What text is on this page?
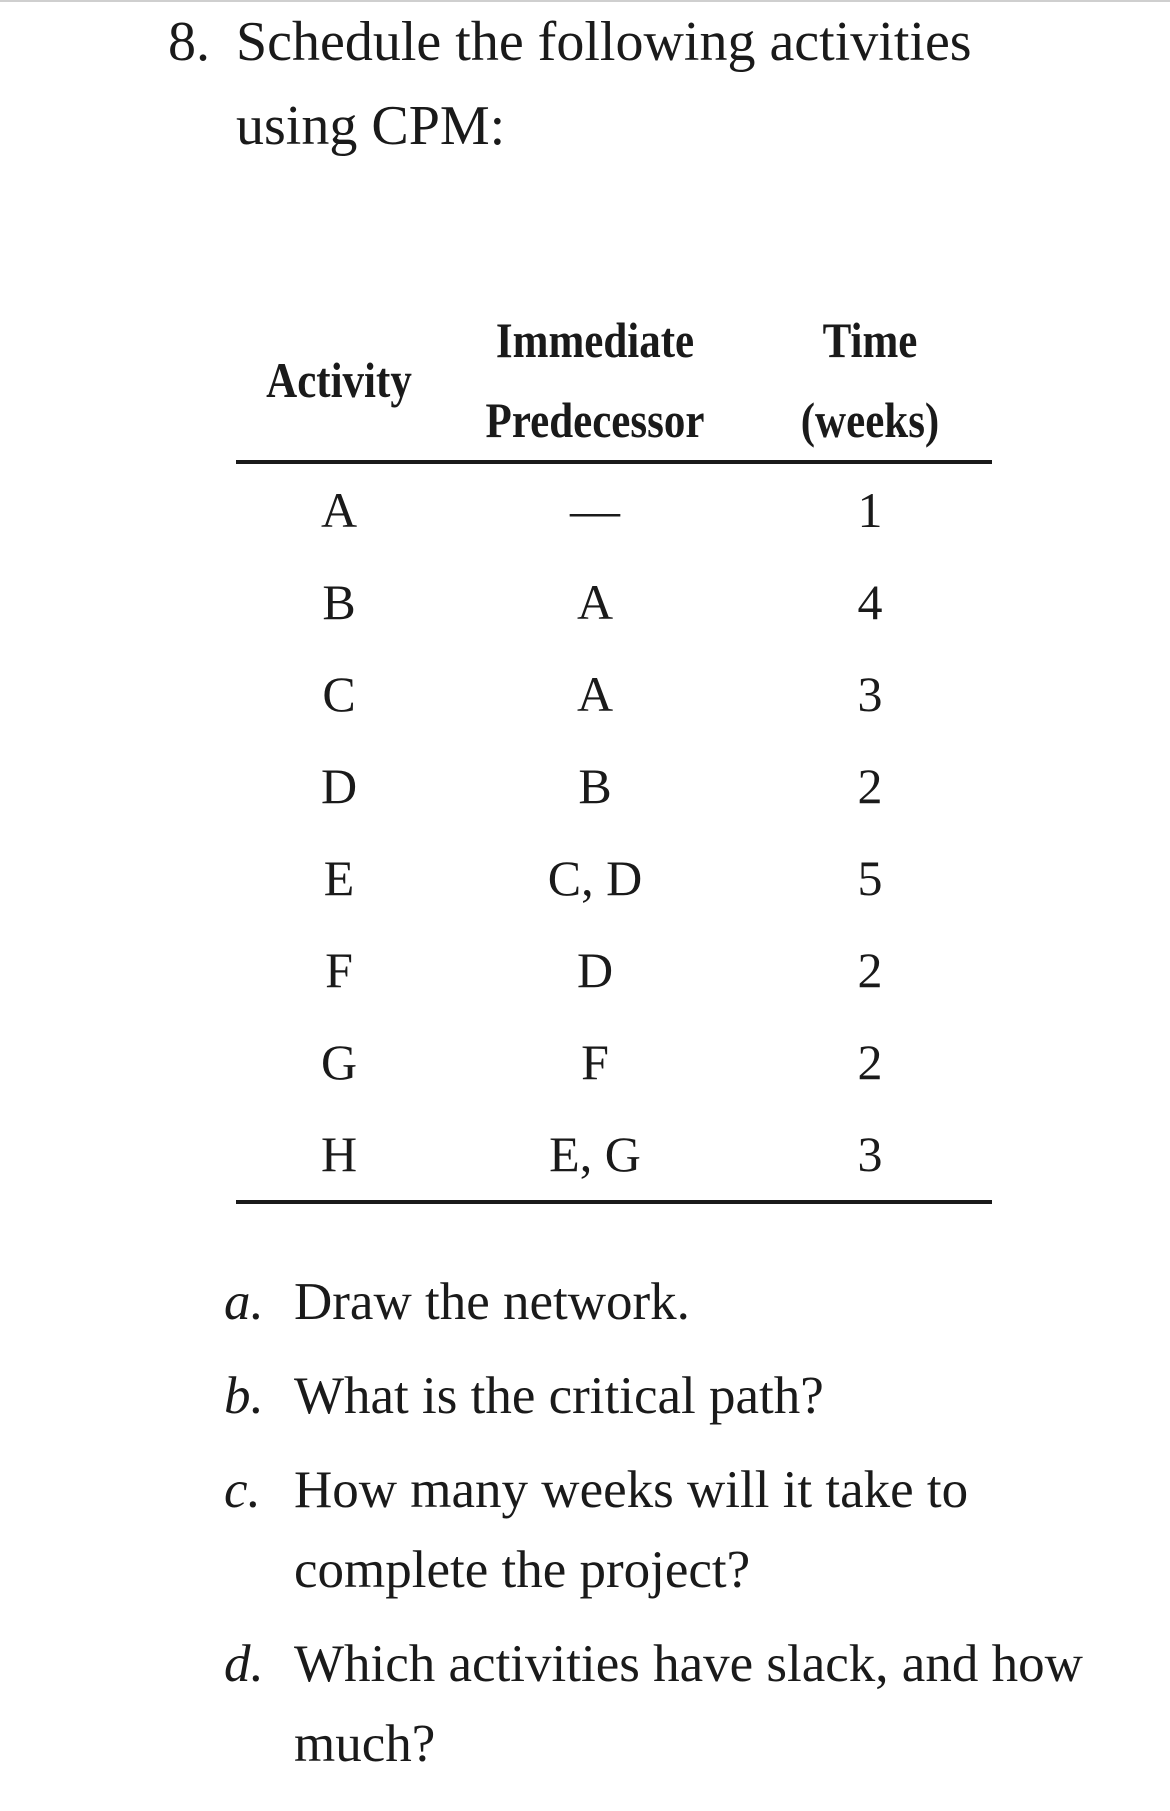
8. Schedule the following activities
using CPM:
Activity	Immediate	Time
	Predecessor	(weeks)
A	—	1
B	A	4
C	A	3
D	B	2
E	C, D	5
F	D	2
G	F	2
H	E, G	3
a. Draw the network.
b. What is the critical path?
c. How many weeks will it take to complete the project?
d. Which activities have slack, and how much?
